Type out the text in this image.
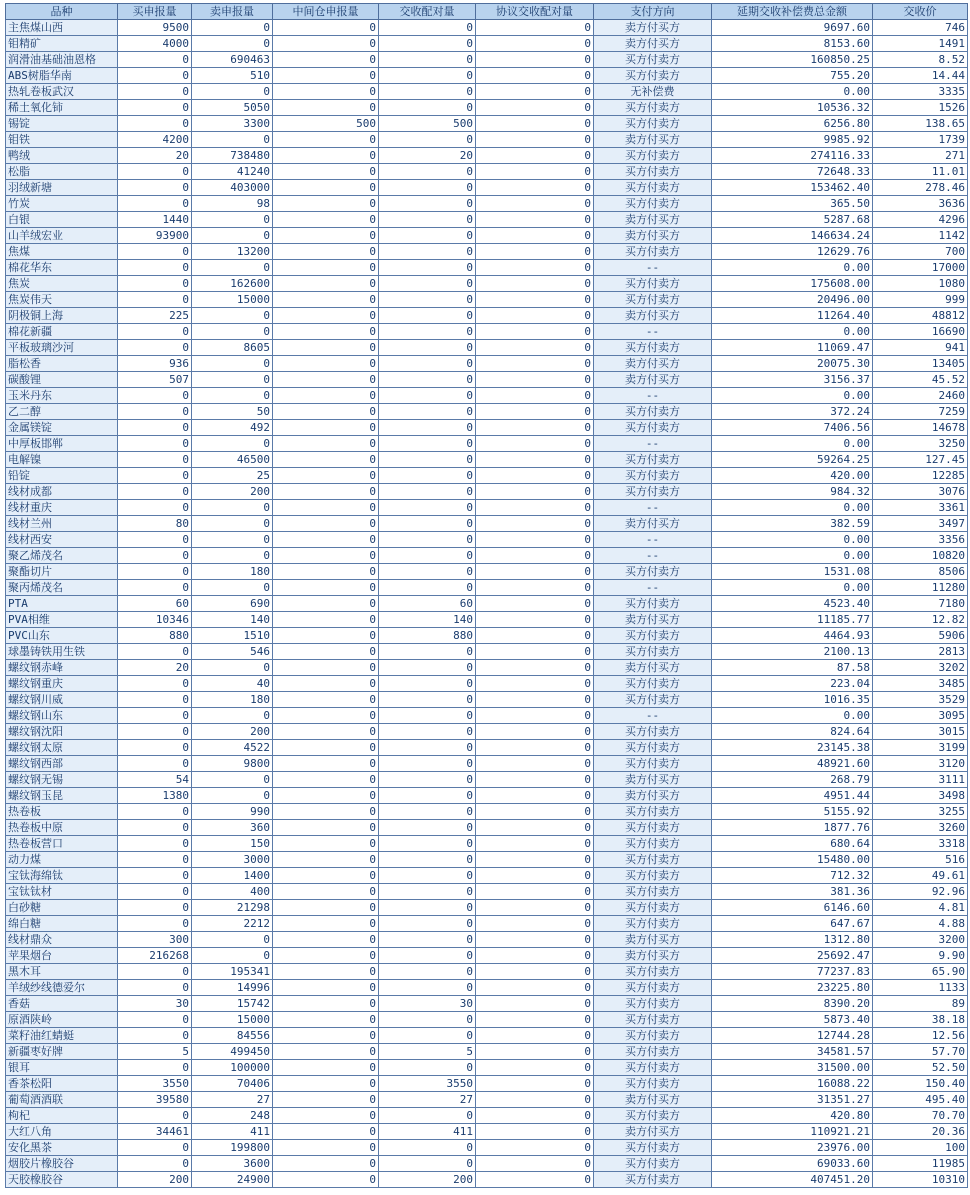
品种	买申报量	卖申报量	中间仓申报量	交收配对量	协议交收配对量	支付方向	延期交收补偿费总金额	交收价
主焦煤山西	9500	0	0	0	0	卖方付买方	9697.60	746
钼精矿	4000	0	0	0	0	卖方付买方	8153.60	1491
润滑油基础油恩格	0	690463	0	0	0	买方付卖方	160850.25	8.52
ABS树脂华南	0	510	0	0	0	买方付卖方	755.20	14.44
热轧卷板武汉	0	0	0	0	0	无补偿费	0.00	3335
稀土氧化铈	0	5050	0	0	0	买方付卖方	10536.32	1526
锡锭	0	3300	500	500	0	买方付卖方	6256.80	138.65
钼铁	4200	0	0	0	0	卖方付买方	9985.92	1739
鸭绒	20	738480	0	20	0	买方付卖方	274116.33	271
松脂	0	41240	0	0	0	买方付卖方	72648.33	11.01
羽绒新塘	0	403000	0	0	0	买方付卖方	153462.40	278.46
竹炭	0	98	0	0	0	买方付卖方	365.50	3636
白银	1440	0	0	0	0	卖方付买方	5287.68	4296
山羊绒宏业	93900	0	0	0	0	卖方付买方	146634.24	1142
焦煤	0	13200	0	0	0	买方付卖方	12629.76	700
棉花华东	0	0	0	0	0	--	0.00	17000
焦炭	0	162600	0	0	0	买方付卖方	175608.00	1080
焦炭伟天	0	15000	0	0	0	买方付卖方	20496.00	999
阴极铜上海	225	0	0	0	0	卖方付买方	11264.40	48812
棉花新疆	0	0	0	0	0	--	0.00	16690
平板玻璃沙河	0	8605	0	0	0	买方付卖方	11069.47	941
脂松香	936	0	0	0	0	卖方付买方	20075.30	13405
碳酸锂	507	0	0	0	0	卖方付买方	3156.37	45.52
玉米丹东	0	0	0	0	0	--	0.00	2460
乙二醇	0	50	0	0	0	买方付卖方	372.24	7259
金属镁锭	0	492	0	0	0	买方付卖方	7406.56	14678
中厚板邯郸	0	0	0	0	0	--	0.00	3250
电解镍	0	46500	0	0	0	买方付卖方	59264.25	127.45
铅锭	0	25	0	0	0	买方付卖方	420.00	12285
线材成都	0	200	0	0	0	买方付卖方	984.32	3076
线材重庆	0	0	0	0	0	--	0.00	3361
线材兰州	80	0	0	0	0	卖方付买方	382.59	3497
线材西安	0	0	0	0	0	--	0.00	3356
聚乙烯茂名	0	0	0	0	0	--	0.00	10820
聚酯切片	0	180	0	0	0	买方付卖方	1531.08	8506
聚丙烯茂名	0	0	0	0	0	--	0.00	11280
PTA	60	690	0	60	0	买方付卖方	4523.40	7180
PVA相维	10346	140	0	140	0	卖方付买方	11185.77	12.82
PVC山东	880	1510	0	880	0	买方付卖方	4464.93	5906
球墨铸铁用生铁	0	546	0	0	0	买方付卖方	2100.13	2813
螺纹钢赤峰	20	0	0	0	0	卖方付买方	87.58	3202
螺纹钢重庆	0	40	0	0	0	买方付卖方	223.04	3485
螺纹钢川威	0	180	0	0	0	买方付卖方	1016.35	3529
螺纹钢山东	0	0	0	0	0	--	0.00	3095
螺纹钢沈阳	0	200	0	0	0	买方付卖方	824.64	3015
螺纹钢太原	0	4522	0	0	0	买方付卖方	23145.38	3199
螺纹钢西部	0	9800	0	0	0	买方付卖方	48921.60	3120
螺纹钢无锡	54	0	0	0	0	卖方付买方	268.79	3111
螺纹钢玉昆	1380	0	0	0	0	卖方付买方	4951.44	3498
热卷板	0	990	0	0	0	买方付卖方	5155.92	3255
热卷板中原	0	360	0	0	0	买方付卖方	1877.76	3260
热卷板营口	0	150	0	0	0	买方付卖方	680.64	3318
动力煤	0	3000	0	0	0	买方付卖方	15480.00	516
宝钛海绵钛	0	1400	0	0	0	买方付卖方	712.32	49.61
宝钛钛材	0	400	0	0	0	买方付卖方	381.36	92.96
白砂糖	0	21298	0	0	0	买方付卖方	6146.60	4.81
绵白糖	0	2212	0	0	0	买方付卖方	647.67	4.88
线材鼎众	300	0	0	0	0	卖方付买方	1312.80	3200
苹果烟台	216268	0	0	0	0	卖方付买方	25692.47	9.90
黑木耳	0	195341	0	0	0	买方付卖方	77237.83	65.90
羊绒纱线德爱尔	0	14996	0	0	0	买方付卖方	23225.80	1133
香菇	30	15742	0	30	0	买方付卖方	8390.20	89
原酒陕岭	0	15000	0	0	0	买方付卖方	5873.40	38.18
菜籽油红蜻蜓	0	84556	0	0	0	买方付卖方	12744.28	12.56
新疆枣好牌	5	499450	0	5	0	买方付卖方	34581.57	57.70
银耳	0	100000	0	0	0	买方付卖方	31500.00	52.50
香茶松阳	3550	70406	0	3550	0	买方付卖方	16088.22	150.40
葡萄酒酒联	39580	27	0	27	0	卖方付买方	31351.27	495.40
枸杞	0	248	0	0	0	买方付卖方	420.80	70.70
大红八角	34461	411	0	411	0	卖方付买方	110921.21	20.36
安化黑茶	0	199800	0	0	0	买方付卖方	23976.00	100
烟胶片橡胶谷	0	3600	0	0	0	买方付卖方	69033.60	11985
天胶橡胶谷	200	24900	0	200	0	买方付卖方	407451.20	10310
